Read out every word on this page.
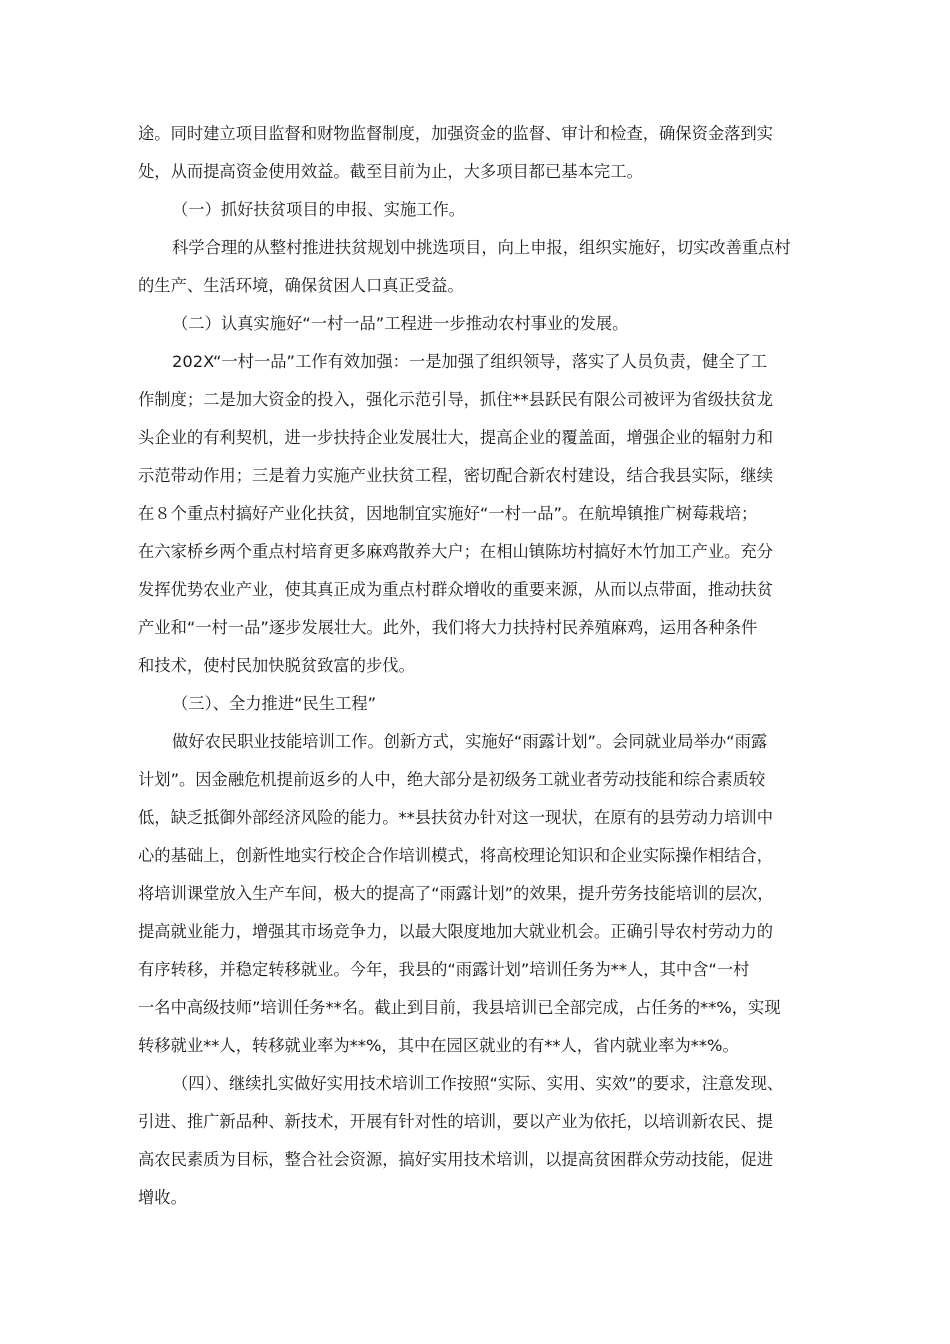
途。同时建立项目监督和财物监督制度，加强资金的监督、审计和检查，确保资金落到实
处，从而提高资金使用效益。截至目前为止，大多项目都已基本完工。
（一）抓好扶贫项目的申报、实施工作。
科学合理的从整村推进扶贫规划中挑选项目，向上申报，组织实施好，切实改善重点村
的生产、生活环境，确保贫困人口真正受益。
（二）认真实施好“一村一品”工程进一步推动农村事业的发展。
202X“一村一品”工作有效加强：一是加强了组织领导，落实了人员负责，健全了工
作制度；二是加大资金的投入，强化示范引导，抓住**县跃民有限公司被评为省级扶贫龙
头企业的有利契机，进一步扶持企业发展壮大，提高企业的覆盖面，增强企业的辐射力和
示范带动作用；三是着力实施产业扶贫工程，密切配合新农村建设，结合我县实际，继续
在８个重点村搞好产业化扶贫，因地制宜实施好“一村一品”。在航埠镇推广树莓栽培；
在六家桥乡两个重点村培育更多麻鸡散养大户；在相山镇陈坊村搞好木竹加工产业。充分
发挥优势农业产业，使其真正成为重点村群众增收的重要来源，从而以点带面，推动扶贫
产业和“一村一品”逐步发展壮大。此外，我们将大力扶持村民养殖麻鸡，运用各种条件
和技术，使村民加快脱贫致富的步伐。
（三）、全力推进“民生工程”
做好农民职业技能培训工作。创新方式，实施好“雨露计划”。会同就业局举办“雨露
计划”。因金融危机提前返乡的人中，绝大部分是初级务工就业者劳动技能和综合素质较
低，缺乏抵御外部经济风险的能力。**县扶贫办针对这一现状，在原有的县劳动力培训中
心的基础上，创新性地实行校企合作培训模式，将高校理论知识和企业实际操作相结合，
将培训课堂放入生产车间，极大的提高了“雨露计划”的效果，提升劳务技能培训的层次，
提高就业能力，增强其市场竞争力，以最大限度地加大就业机会。正确引导农村劳动力的
有序转移，并稳定转移就业。今年，我县的“雨露计划”培训任务为**人，其中含“一村
一名中高级技师”培训任务**名。截止到目前，我县培训已全部完成，占任务的**%，实现
转移就业**人，转移就业率为**%，其中在园区就业的有**人，省内就业率为**%。
（四）、继续扎实做好实用技术培训工作按照“实际、实用、实效”的要求，注意发现、
引进、推广新品种、新技术，开展有针对性的培训，要以产业为依托，以培训新农民、提
高农民素质为目标，整合社会资源，搞好实用技术培训，以提高贫困群众劳动技能，促进
增收。
